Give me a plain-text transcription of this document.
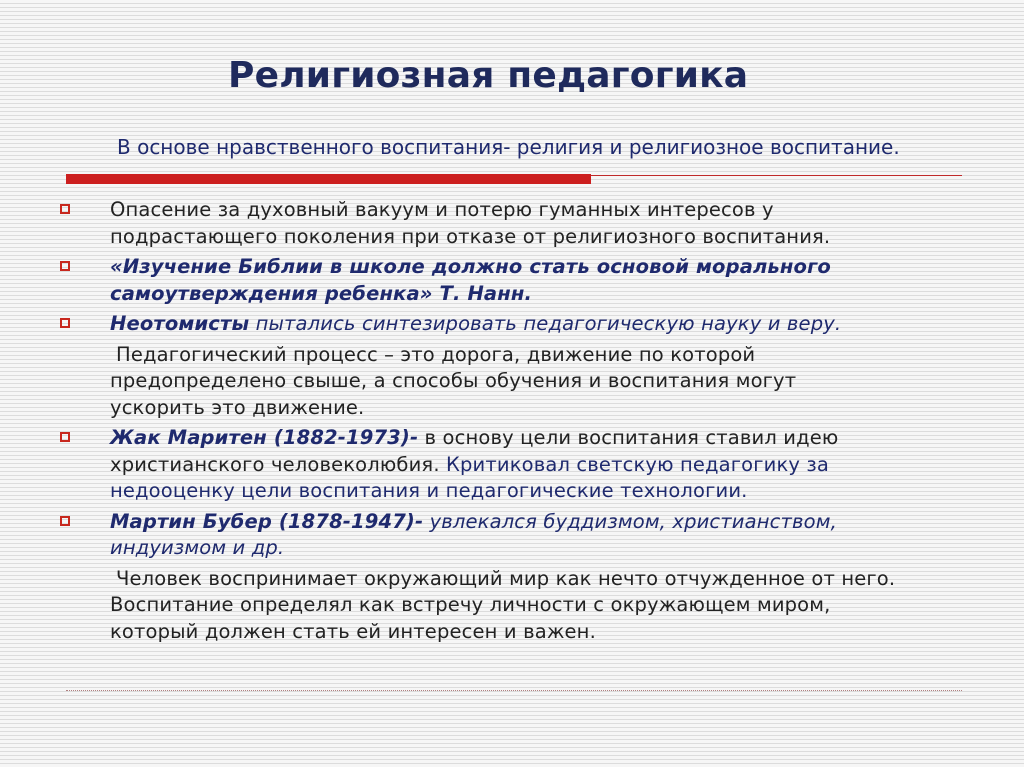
Религиозная педагогика

В основе нравственного воспитания- религия и религиозное воспитание.

Опасение за духовный вакуум и потерю гуманных интересов у
подрастающего поколения при отказе от религиозного воспитания.
«Изучение Библии в школе должно стать основой морального
самоутверждения ребенка» Т. Нанн.
Неотомисты пытались синтезировать педагогическую науку и веру.
Педагогический процесс – это дорога, движение по которой
предопределено свыше, а способы обучения и воспитания могут
ускорить это движение.
Жак Маритен (1882-1973)- в основу цели воспитания ставил идею
христианского человеколюбия. Критиковал светскую педагогику за
недооценку цели воспитания и педагогические технологии.
Мартин Бубер (1878-1947)- увлекался буддизмом, христианством,
индуизмом и др.
Человек воспринимает окружающий мир как нечто отчужденное от него.
Воспитание определял как встречу личности с окружающем миром,
который должен стать ей интересен и важен.
